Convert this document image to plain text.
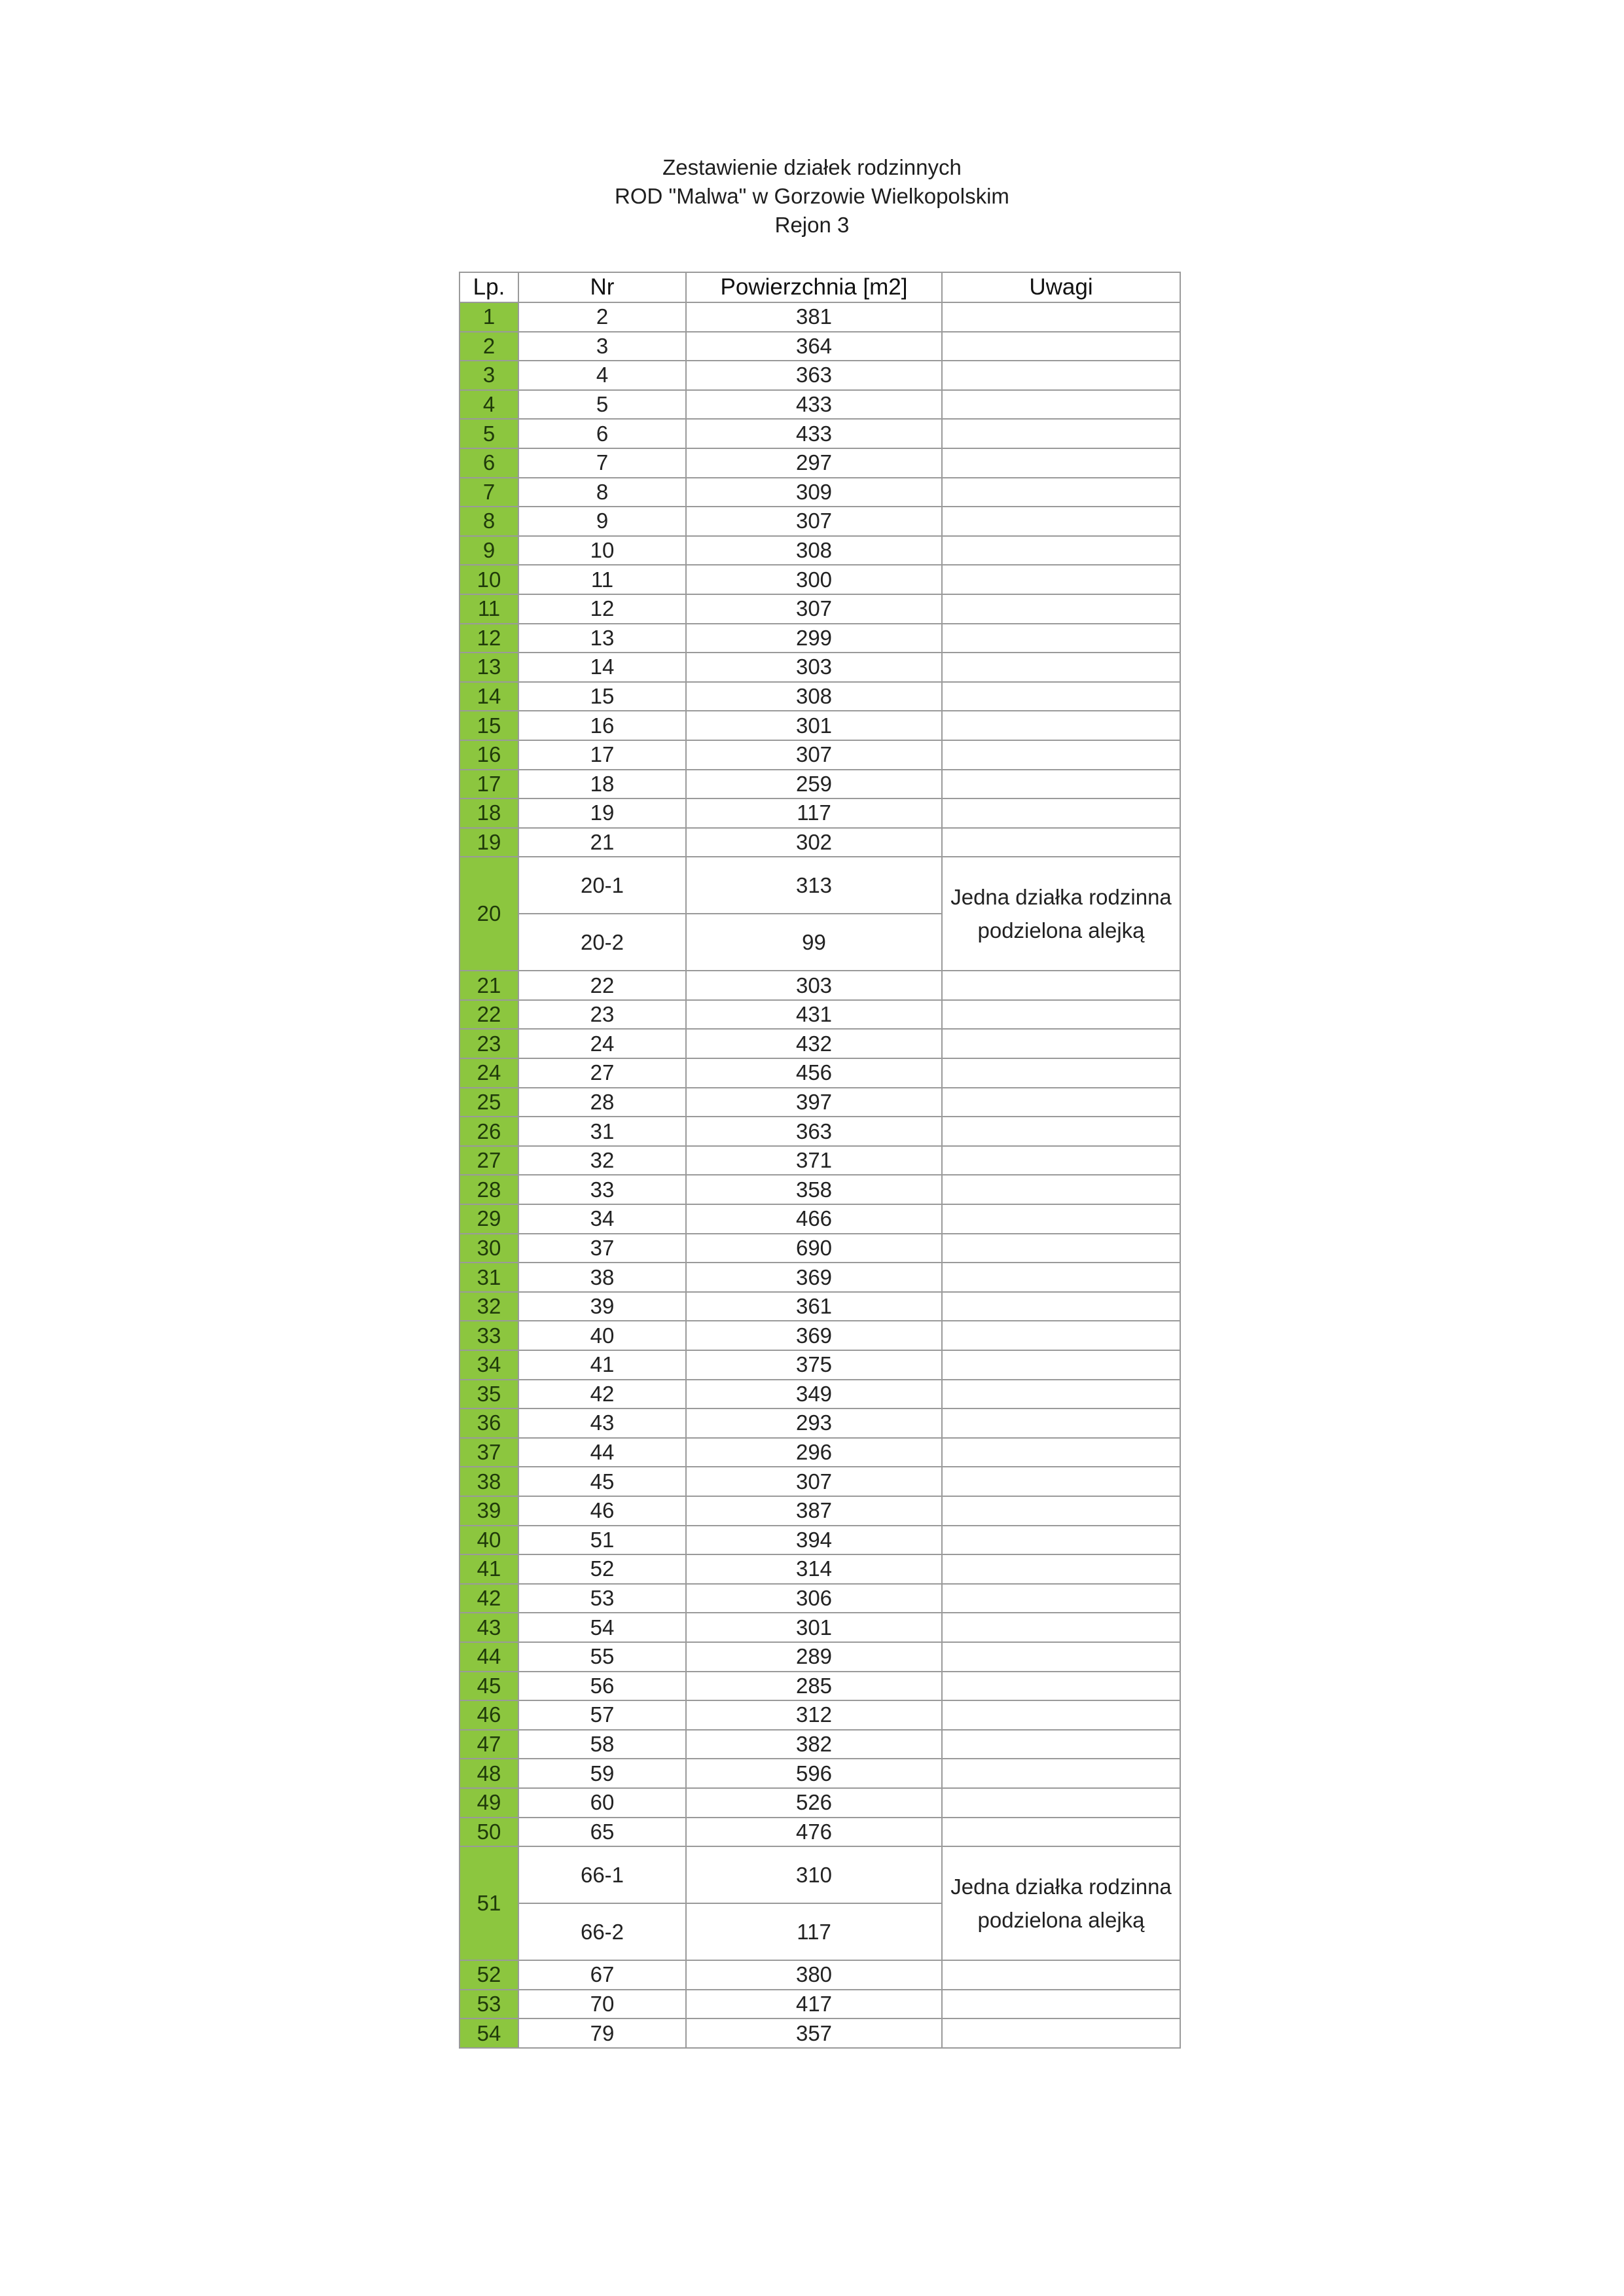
Zestawienie działek rodzinnych
ROD "Malwa" w Gorzowie Wielkopolskim
Rejon 3
Lp.	Nr	Powierzchnia [m2]	Uwagi
1	2	381	
2	3	364	
3	4	363	
4	5	433	
5	6	433	
6	7	297	
7	8	309	
8	9	307	
9	10	308	
10	11	300	
11	12	307	
12	13	299	
13	14	303	
14	15	308	
15	16	301	
16	17	307	
17	18	259	
18	19	117	
19	21	302	
20	20-1	313	Jedna działka rodzinna podzielona alejką
	20-2	99	
21	22	303	
22	23	431	
23	24	432	
24	27	456	
25	28	397	
26	31	363	
27	32	371	
28	33	358	
29	34	466	
30	37	690	
31	38	369	
32	39	361	
33	40	369	
34	41	375	
35	42	349	
36	43	293	
37	44	296	
38	45	307	
39	46	387	
40	51	394	
41	52	314	
42	53	306	
43	54	301	
44	55	289	
45	56	285	
46	57	312	
47	58	382	
48	59	596	
49	60	526	
50	65	476	
51	66-1	310	Jedna działka rodzinna podzielona alejką
	66-2	117	
52	67	380	
53	70	417	
54	79	357	
